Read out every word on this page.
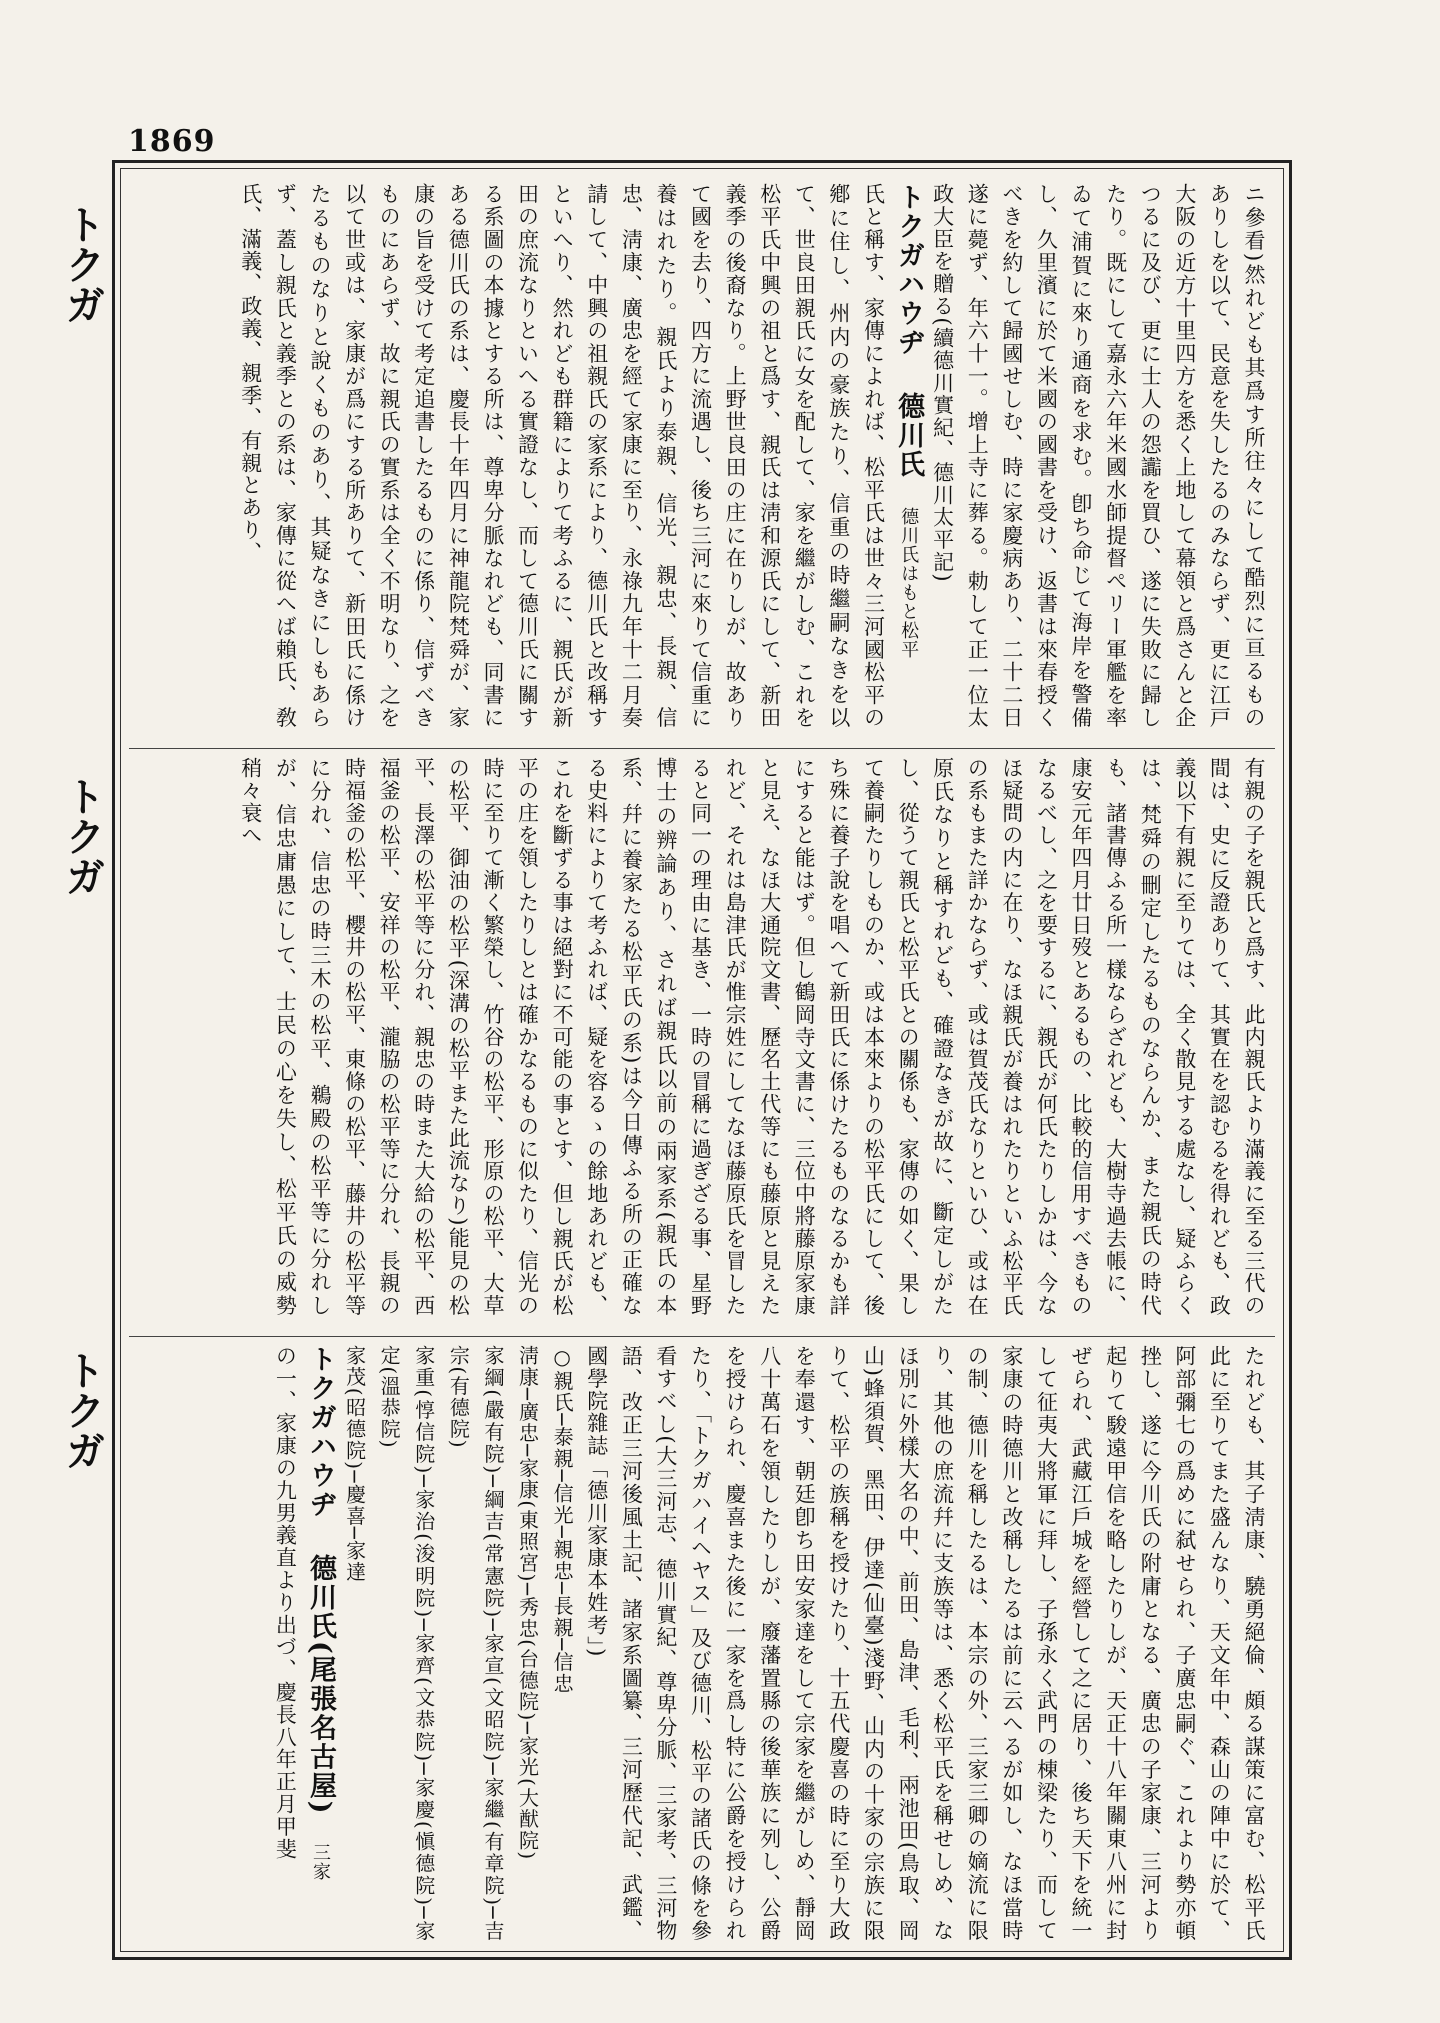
1869
トクガ
トクガ
トクガ

ニ參看)然れども其爲す所往々にして酷烈に亘るものありしを以て、民意を失したるのみならず、更に江戸大阪の近方十里四方を悉く上地して幕領と爲さんと企つるに及び、更に士人の怨讟を買ひ、遂に失敗に歸したり。既にして嘉永六年米國水師提督ぺリー軍艦を率ゐて浦賀に來り通商を求む。卽ち命じて海岸を警備し、久里濱に於て米國の國書を受け、返書は來春授くべきを約して歸國せしむ、時に家慶病あり、二十二日遂に薨ず、年六十一。增上寺に葬る。勅して正一位太政大臣を贈る(續德川實紀、德川太平記)

トクガハウヂ 德川氏 德川氏はもと松平

氏と稱す、家傳によれば、松平氏は世々三河國松平の鄕に住し、州内の豪族たり、信重の時繼嗣なきを以て、世良田親氏に女を配して、家を繼がしむ、これを松平氏中興の祖と爲す、親氏は淸和源氏にして、新田義季の後裔なり。上野世良田の庄に在りしが、故ありて國を去り、四方に流遇し、後ち三河に來りて信重に養はれたり。親氏より泰親、信光、親忠、長親、信忠、淸康、廣忠を經て家康に至り、永祿九年十二月奏請して、中興の祖親氏の家系により、德川氏と改稱すといへり、然れども群籍によりて考ふるに、親氏が新田の庶流なりといへる實證なし、而して德川氏に關する系圖の本據とする所は、尊卑分脈なれども、同書にある德川氏の系は、慶長十年四月に神龍院梵舜が、家康の旨を受けて考定追書したるものに係り、信ずべきものにあらず、故に親氏の實系は全く不明なり、之を以て世或は、家康が爲にする所ありて、新田氏に係けたるものなりと說くものあり、其疑なきにしもあらず、蓋し親氏と義季との系は、家傳に從へば賴氏、敎氏、滿義、政義、親季、有親とあり、

有親の子を親氏と爲す、此内親氏より滿義に至る三代の間は、史に反證ありて、其實在を認むるを得れども、政義以下有親に至りては、全く散見する處なし、疑ふらくは、梵舜の刪定したるものならんか、また親氏の時代も、諸書傳ふる所一樣ならざれども、大樹寺過去帳に、康安元年四月廿日歿とあるもの、比較的信用すべきものなるべし、之を要するに、親氏が何氏たりしかは、今なほ疑問の内に在り、なほ親氏が養はれたりといふ松平氏の系もまた詳かならず、或は賀茂氏なりといひ、或は在原氏なりと稱すれども、確證なきが故に、斷定しがたし、從うて親氏と松平氏との關係も、家傳の如く、果して養嗣たりしものか、或は本來よりの松平氏にして、後ち殊に養子說を唱へて新田氏に係けたるものなるかも詳にすると能はず。但し鶴岡寺文書に、三位中將藤原家康と見え、なほ大通院文書、歷名土代等にも藤原と見えたれど、それは島津氏が惟宗姓にしてなほ藤原氏を冒したると同一の理由に基き、一時の冒稱に過ぎざる事、星野博士の辨論あり、されば親氏以前の兩家系(親氏の本系、幷に養家たる松平氏の系)は今日傳ふる所の正確なる史料によりて考ふれば、疑を容るゝの餘地あれども、これを斷ずる事は絕對に不可能の事とす、但し親氏が松平の庄を領したりしとは確かなるものに似たり、信光の時に至りて漸く繁榮し、竹谷の松平、形原の松平、大草の松平、御油の松平(深溝の松平また此流なり)能見の松平、長澤の松平等に分れ、親忠の時また大給の松平、西福釜の松平、安祥の松平、瀧脇の松平等に分れ、長親の時福釜の松平、櫻井の松平、東條の松平、藤井の松平等に分れ、信忠の時三木の松平、鵜殿の松平等に分れしが、信忠庸愚にして、士民の心を失し、松平氏の威勢稍々衰へ

たれども、其子淸康、驍勇絕倫、頗る謀策に富む、松平氏此に至りてまた盛んなり、天文年中、森山の陣中に於て、阿部彌七の爲めに弑せられ、子廣忠嗣ぐ、これより勢亦頓挫し、遂に今川氏の附庸となる、廣忠の子家康、三河より起りて駿遠甲信を略したりしが、天正十八年關東八州に封ぜられ、武藏江戶城を經營して之に居り、後ち天下を統一して征夷大將軍に拜し、子孫永く武門の棟梁たり、而して家康の時德川と改稱したるは前に云へるが如し、なほ當時の制、德川を稱したるは、本宗の外、三家三卿の嫡流に限り、其他の庶流幷に支族等は、悉く松平氏を稱せしめ、なほ別に外樣大名の中、前田、島津、毛利、兩池田(鳥取、岡山)蜂須賀、黑田、伊達(仙臺)淺野、山内の十家の宗族に限りて、松平の族稱を授けたり、十五代慶喜の時に至り大政を奉還す、朝廷卽ち田安家達をして宗家を繼がしめ、靜岡八十萬石を領したりしが、廢藩置縣の後華族に列し、公爵を授けられ、慶喜また後に一家を爲し特に公爵を授けられたり、「トクガハイヘヤス」及び德川、松平の諸氏の條を參看すべし(大三河志、德川實紀、尊卑分脈、三家考、三河物語、改正三河後風土記、諸家系圖纂、三河歷代記、武鑑、國學院雜誌「德川家康本姓考」)

○親氏─泰親─信光─親忠─長親─信忠

淸康─廣忠─家康(東照宮)─秀忠(台德院)─家光(大猷院)

家綱(嚴有院)─綱吉(常憲院)─家宣(文昭院)─家繼(有章院)─吉宗(有德院)

家重(惇信院)─家治(浚明院)─家齊(文恭院)─家慶(愼德院)─家定(溫恭院)

家茂(昭德院)─慶喜─家達

トクガハウヂ 德川氏(尾張名古屋) 三家

の一、家康の九男義直より出づ、慶長八年正月甲斐
